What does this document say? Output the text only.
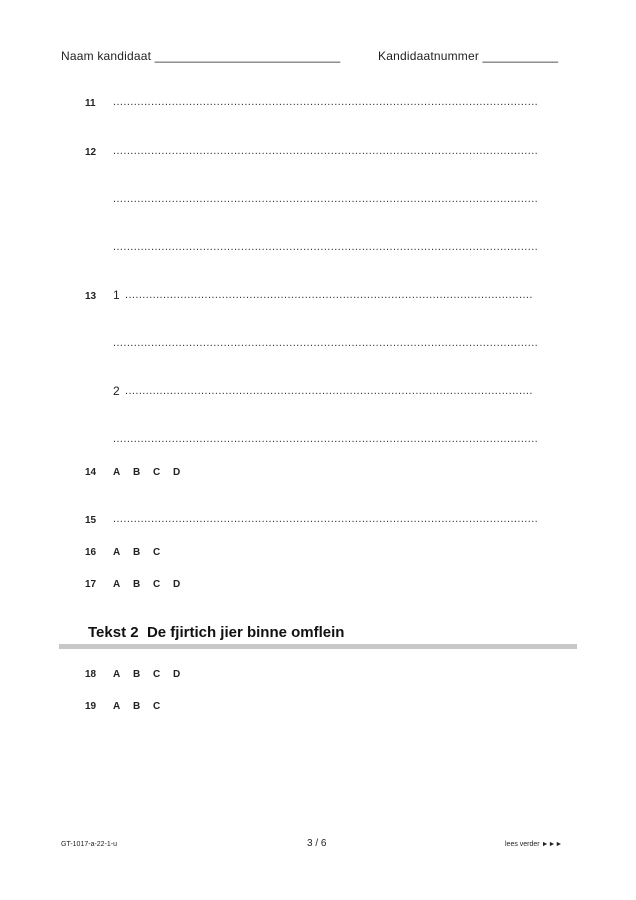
Naam kandidaat ___________________________	Kandidaatnummer ___________
11 ...........................................................................................................................
12 ...........................................................................................................................
...........................................................................................................................
...........................................................................................................................
13 1 ......................................................................................................................
...........................................................................................................................
2 ......................................................................................................................
...........................................................................................................................
14 A B C D
15 ...........................................................................................................................
16 A B C
17 A B C D
Tekst 2 De fjirtich jier binne omflein
18 A B C D
19 A B C
GT-1017-a-22-1-u	3 / 6	lees verder ►►►
